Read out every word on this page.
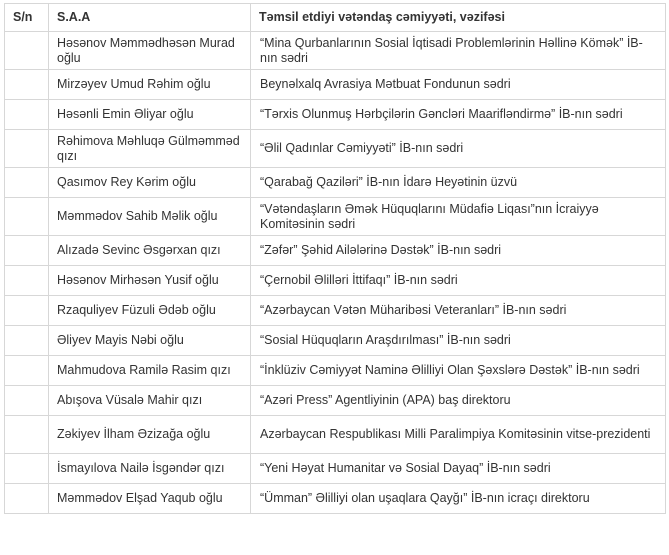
S/n	S.A.A	Təmsil etdiyi vətəndaş cəmiyyəti, vəzifəsi
	Həsənov Məmmədhəsən Murad oğlu	“Mina Qurbanlarının Sosial İqtisadi Problemlərinin Həllinə Kömək” İB-nın sədri
	Mirzəyev Umud Rəhim oğlu	Beynəlxalq Avrasiya Mətbuat Fondunun sədri
	Həsənli Emin Əliyar oğlu	“Tərxis Olunmuş Hərbçilərin Gəncləri Maarifləndirmə” İB-nın sədri
	Rəhimova Məhluqə Gülməmməd qızı	“Əlil Qadınlar Cəmiyyəti” İB-nın sədri
	Qasımov Rey Kərim oğlu	“Qarabağ Qaziləri” İB-nın İdarə Heyətinin üzvü
	Məmmədov Sahib Məlik oğlu	“Vətəndaşların Əmək Hüquqlarını Müdafiə Liqası”nın İcraiyyə Komitəsinin sədri
	Alızadə Sevinc Əsgərxan qızı	“Zəfər” Şəhid Ailələrinə Dəstək” İB-nın sədri
	Həsənov Mirhəsən Yusif oğlu	“Çernobil Əlilləri İttifaqı” İB-nın sədri
	Rzaquliyev Füzuli Ədəb oğlu	“Azərbaycan Vətən Müharibəsi Veteranları” İB-nın sədri
	Əliyev Mayis Nəbi oğlu	“Sosial Hüquqların Araşdırılması” İB-nın sədri
	Mahmudova Ramilə Rasim qızı	“İnklüziv Cəmiyyət Naminə Əlilliyi Olan Şəxslərə Dəstək” İB-nın sədri
	Abışova Vüsalə Mahir qızı	“Azəri Press” Agentliyinin (APA) baş direktoru
	Zəkiyev İlham Əzizağa oğlu	Azərbaycan Respublikası Milli Paralimpiya Komitəsinin vitse-prezidenti
	İsmayılova Nailə İsgəndər qızı	“Yeni Həyat Humanitar və Sosial Dayaq” İB-nın sədri
	Məmmədov Elşad Yaqub oğlu	“Ümman” Əlilliyi olan uşaqlara Qayğı” İB-nın icraçı direktoru
